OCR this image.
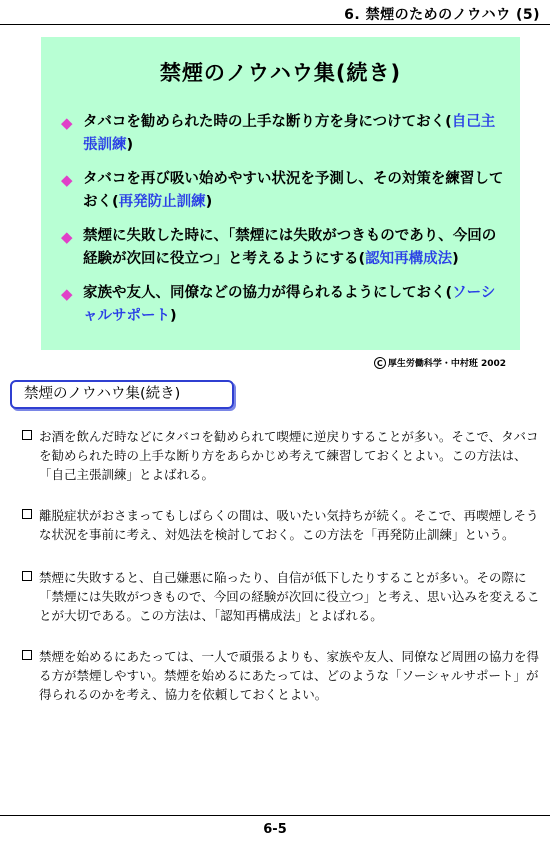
6. 禁煙のためのノウハウ (5)
禁煙のノウハウ集(続き)
◆ タバコを勧められた時の上手な断り方を身につけておく(自己主張訓練)
◆ タバコを再び吸い始めやすい状況を予測し、その対策を練習しておく(再発防止訓練)
◆ 禁煙に失敗した時に、「禁煙には失敗がつきものであり、今回の経験が次回に役立つ」と考えるようにする(認知再構成法)
◆ 家族や友人、同僚などの協力が得られるようにしておく(ソーシャルサポート)
C 厚生労働科学・中村班 2002
禁煙のノウハウ集(続き)
お酒を飲んだ時などにタバコを勧められて喫煙に逆戻りすることが多い。そこで、タバコを勧められた時の上手な断り方をあらかじめ考えて練習しておくとよい。この方法は、「自己主張訓練」とよばれる。
離脱症状がおさまってもしばらくの間は、吸いたい気持ちが続く。そこで、再喫煙しそうな状況を事前に考え、対処法を検討しておく。この方法を「再発防止訓練」という。
禁煙に失敗すると、自己嫌悪に陥ったり、自信が低下したりすることが多い。その際に「禁煙には失敗がつきもので、今回の経験が次回に役立つ」と考え、思い込みを変えることが大切である。この方法は、「認知再構成法」とよばれる。
禁煙を始めるにあたっては、一人で頑張るよりも、家族や友人、同僚など周囲の協力を得る方が禁煙しやすい。禁煙を始めるにあたっては、どのような「ソーシャルサポート」が得られるのかを考え、協力を依頼しておくとよい。
6-5
